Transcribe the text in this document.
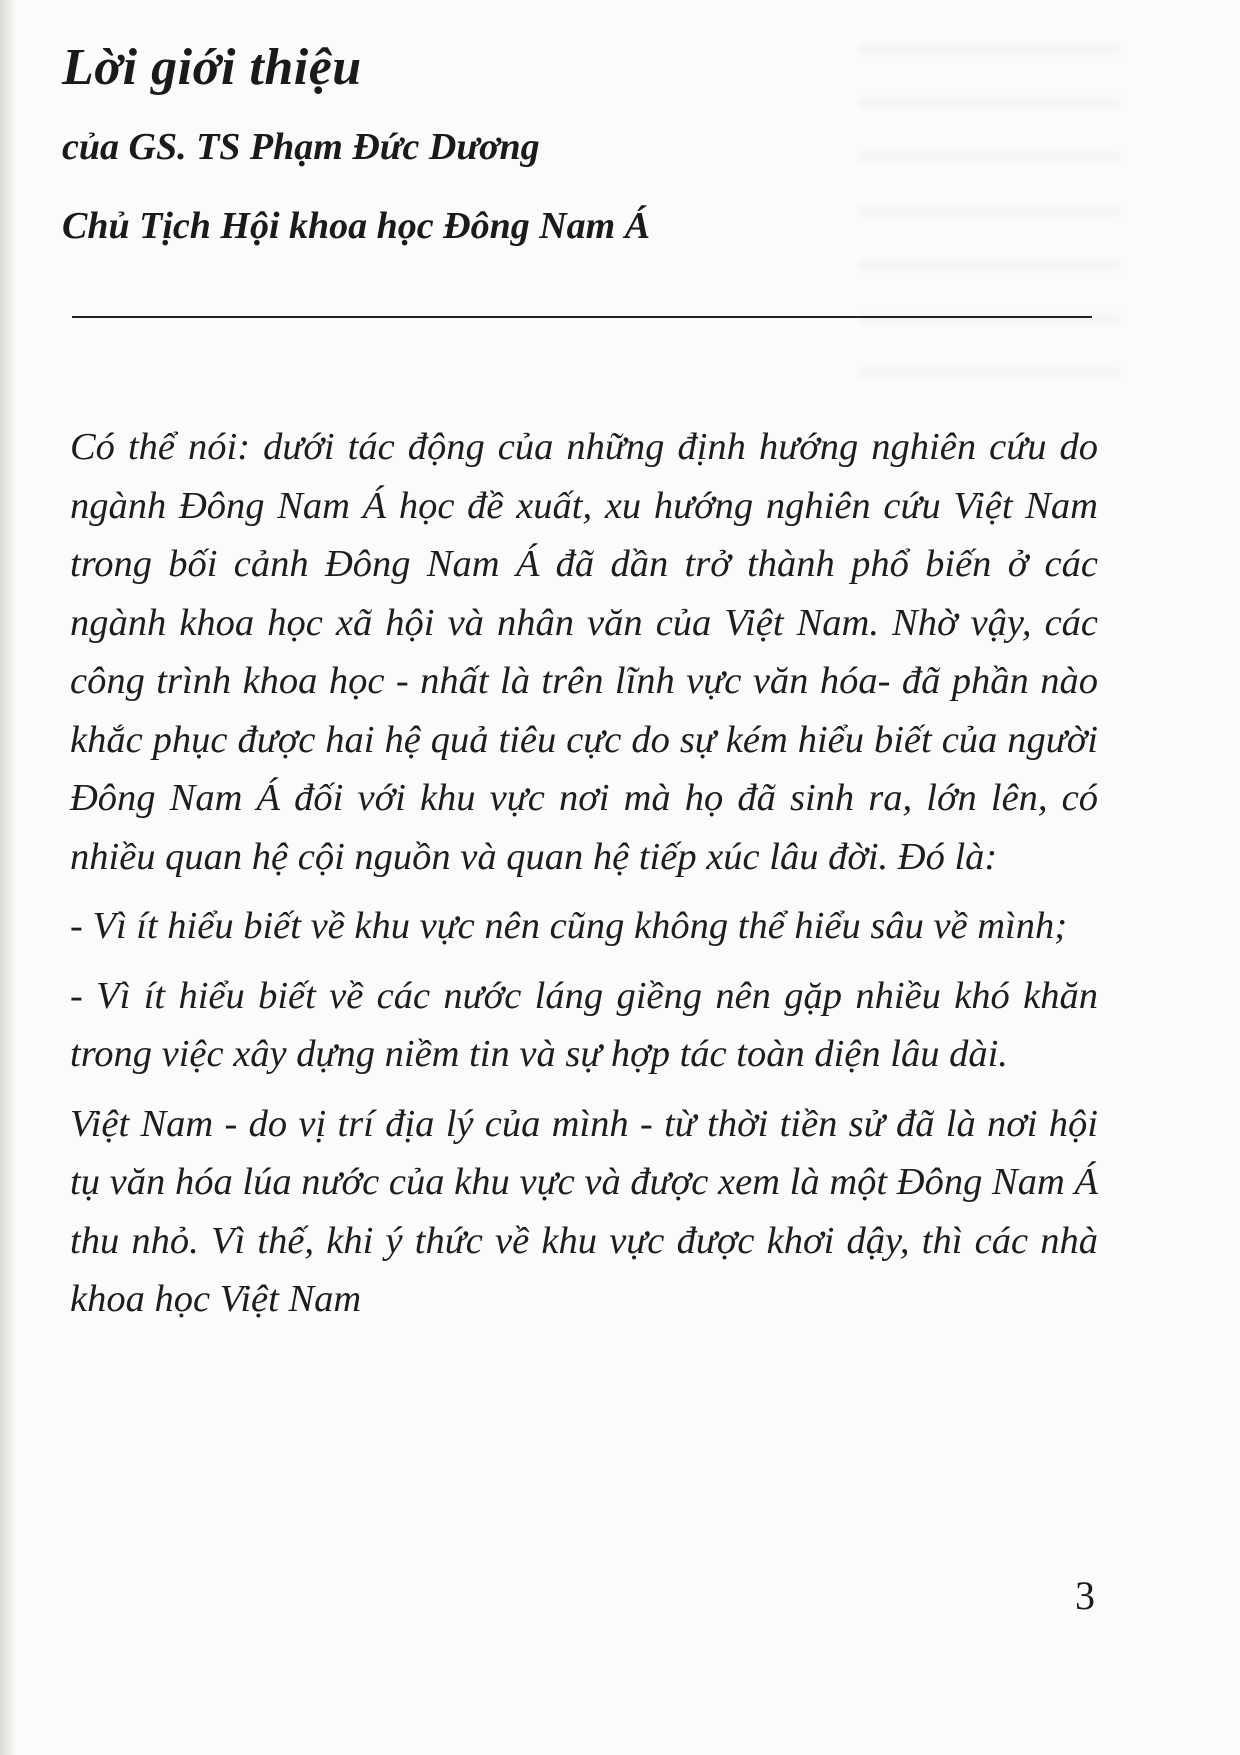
Lời giới thiệu
của GS. TS Phạm Đức Dương
Chủ Tịch Hội khoa học Đông Nam Á

Có thể nói: dưới tác động của những định hướng nghiên cứu do ngành Đông Nam Á học đề xuất, xu hướng nghiên cứu Việt Nam trong bối cảnh Đông Nam Á đã dần trở thành phổ biến ở các ngành khoa học xã hội và nhân văn của Việt Nam. Nhờ vậy, các công trình khoa học - nhất là trên lĩnh vực văn hóa- đã phần nào khắc phục được hai hệ quả tiêu cực do sự kém hiểu biết của người Đông Nam Á đối với khu vực nơi mà họ đã sinh ra, lớn lên, có nhiều quan hệ cội nguồn và quan hệ tiếp xúc lâu đời. Đó là:

- Vì ít hiểu biết về khu vực nên cũng không thể hiểu sâu về mình;

- Vì ít hiểu biết về các nước láng giềng nên gặp nhiều khó khăn trong việc xây dựng niềm tin và sự hợp tác toàn diện lâu dài.

Việt Nam - do vị trí địa lý của mình - từ thời tiền sử đã là nơi hội tụ văn hóa lúa nước của khu vực và được xem là một Đông Nam Á thu nhỏ. Vì thế, khi ý thức về khu vực được khơi dậy, thì các nhà khoa học Việt Nam

3
